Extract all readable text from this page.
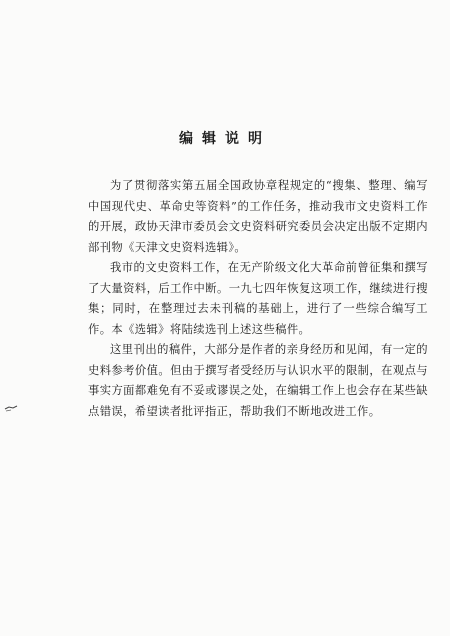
编辑说明

为了贯彻落实第五届全国政协章程规定的“搜集、整理、编写中国现代史、革命史等资料”的工作任务，推动我市文史资料工作的开展，政协天津市委员会文史资料研究委员会决定出版不定期内部刊物《天津文史资料选辑》。

我市的文史资料工作，在无产阶级文化大革命前曾征集和撰写了大量资料，后工作中断。一九七四年恢复这项工作，继续进行搜集；同时，在整理过去未刊稿的基础上，进行了一些综合编写工作。本《选辑》将陆续选刊上述这些稿件。

这里刊出的稿件，大部分是作者的亲身经历和见闻，有一定的史料参考价值。但由于撰写者受经历与认识水平的限制，在观点与事实方面都难免有不妥或谬误之处，在编辑工作上也会存在某些缺点错误，希望读者批评指正，帮助我们不断地改进工作。
